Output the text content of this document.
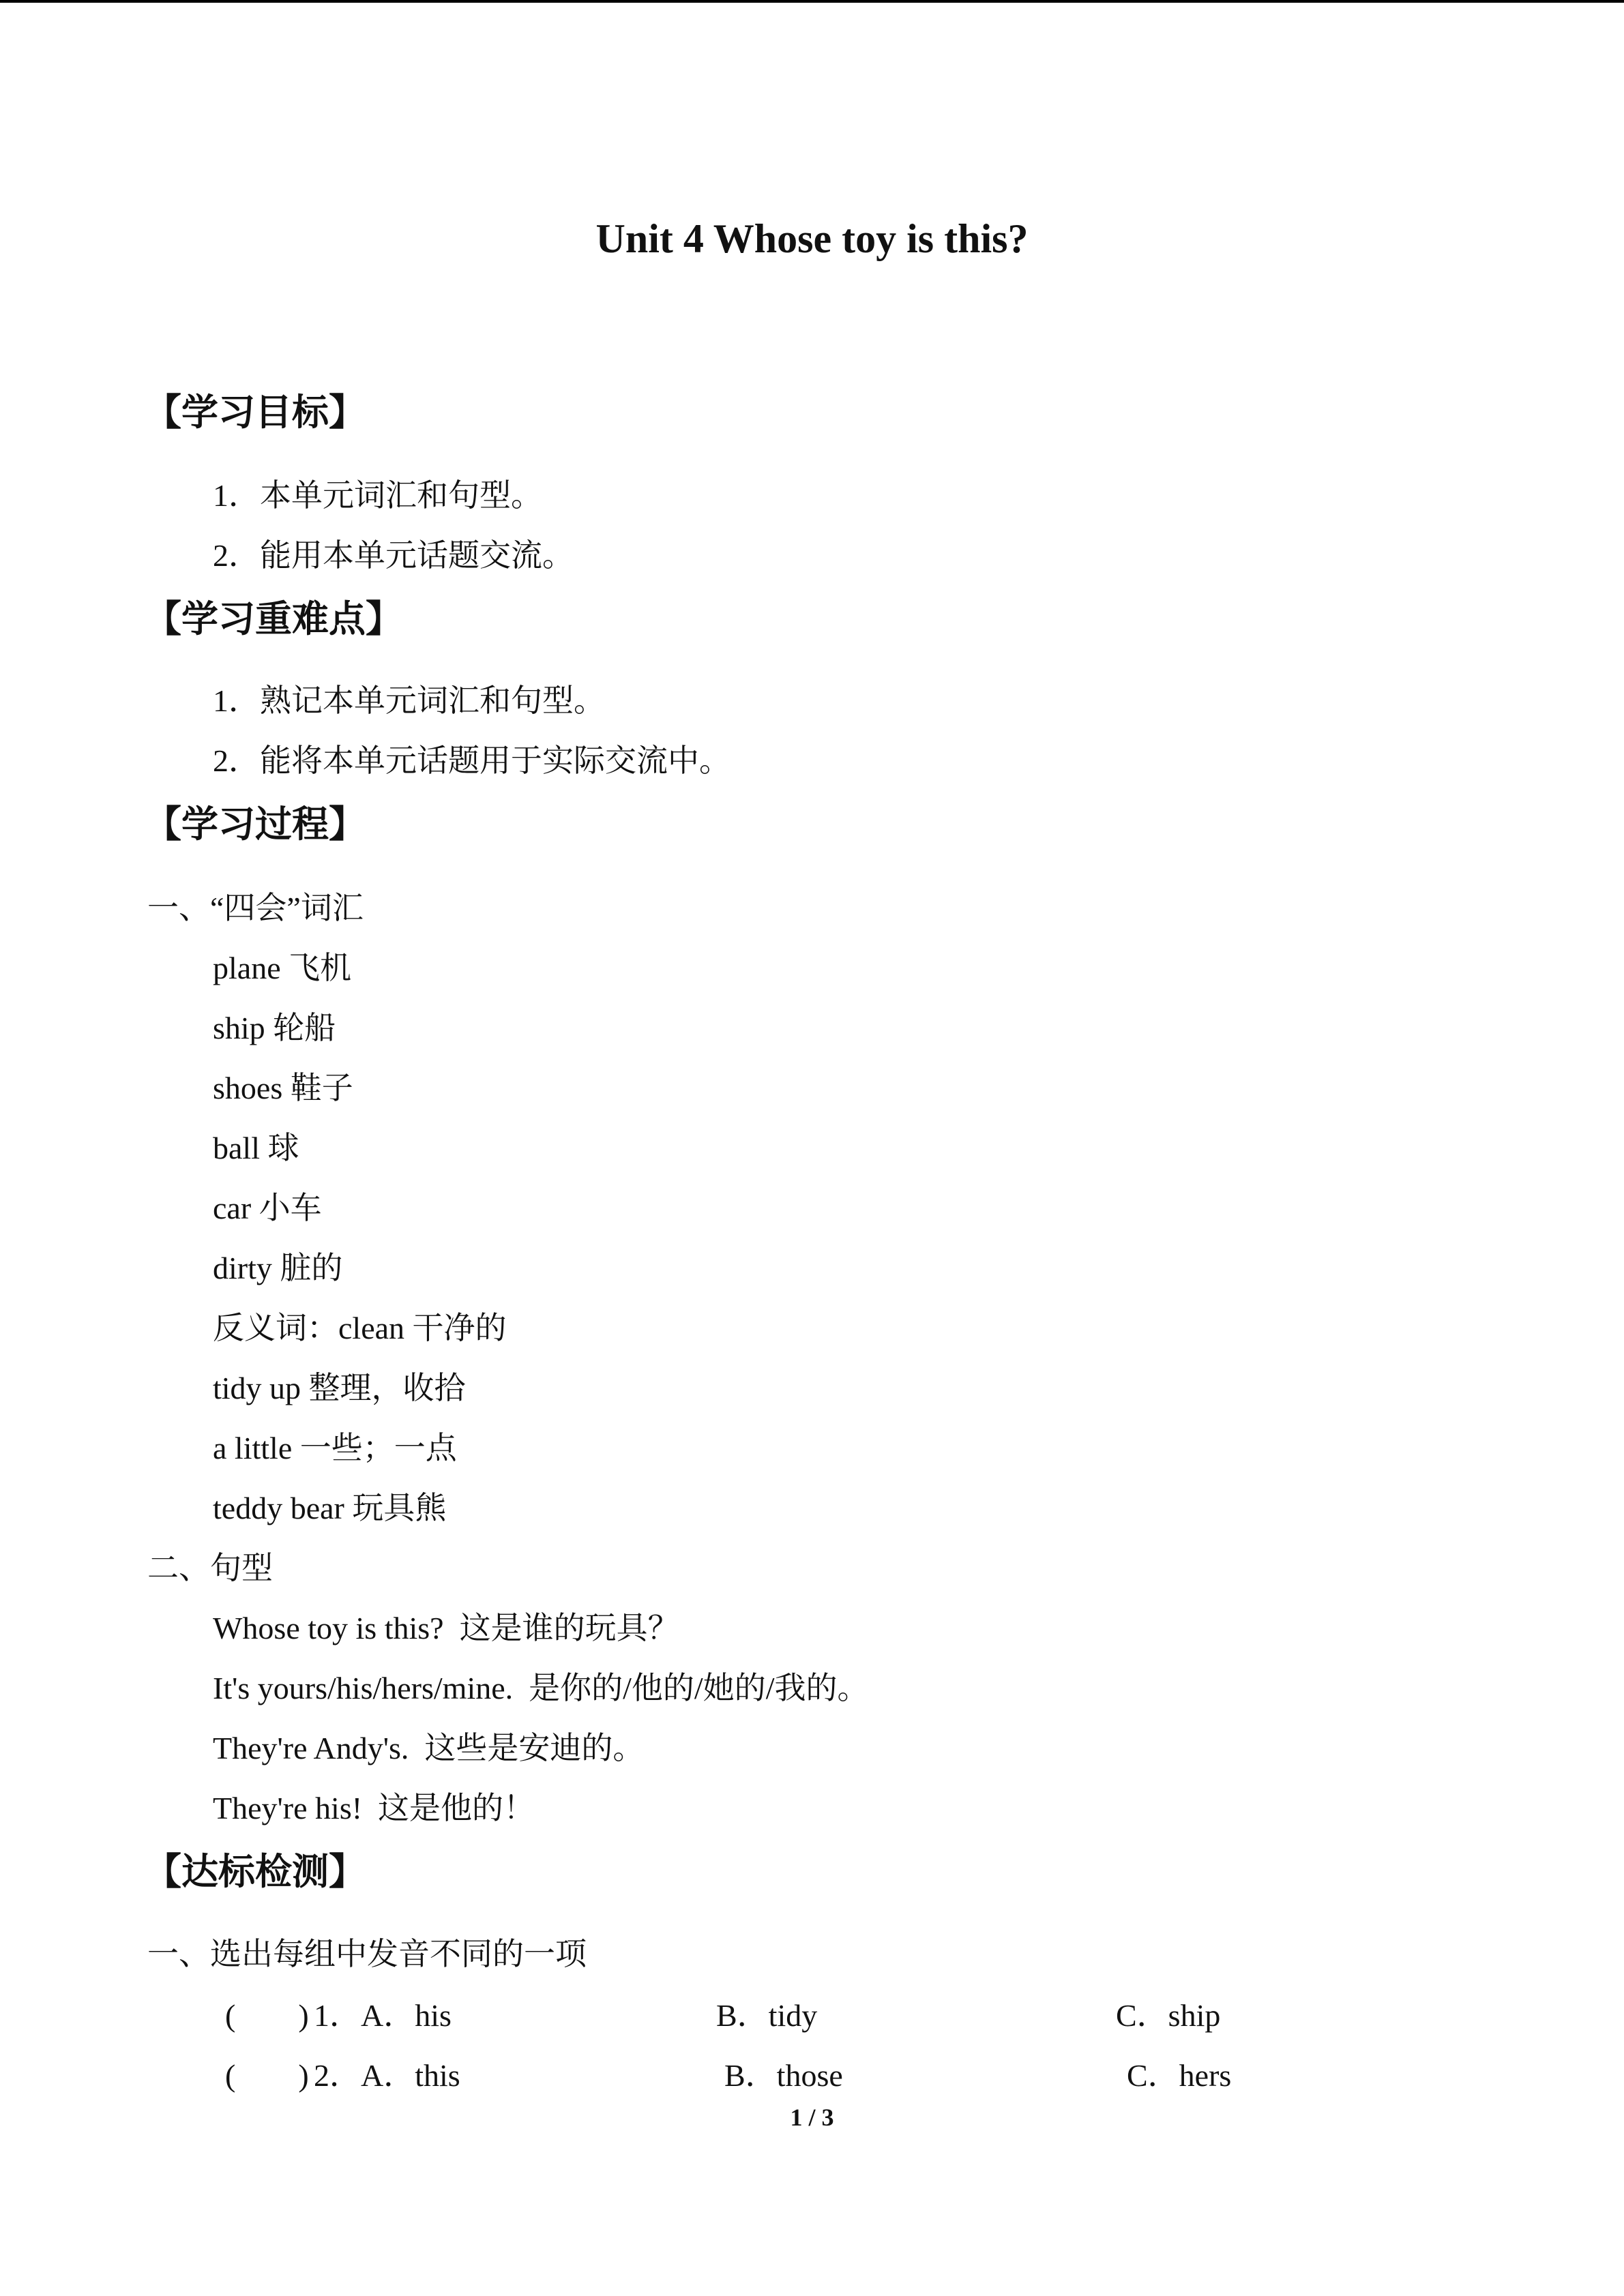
Unit 4 Whose toy is this?
【学习目标】
1．本单元词汇和句型。
2．能用本单元话题交流。
【学习重难点】
1．熟记本单元词汇和句型。
2．能将本单元话题用于实际交流中。
【学习过程】
一、“四会”词汇
plane 飞机
ship 轮船
shoes 鞋子
ball 球
car 小车
dirty 脏的
反义词：clean 干净的
tidy up 整理，收拾
a little 一些；一点
teddy bear 玩具熊
二、句型
Whose toy is this?  这是谁的玩具？
It's yours/his/hers/mine.  是你的/他的/她的/我的。
They're Andy's.  这些是安迪的。
They're his!  这是他的！
【达标检测】
一、选出每组中发音不同的一项
(        ) 1．A．his	B．tidy	C．ship
(        ) 2．A．this	B．those	C．hers
1 / 3
